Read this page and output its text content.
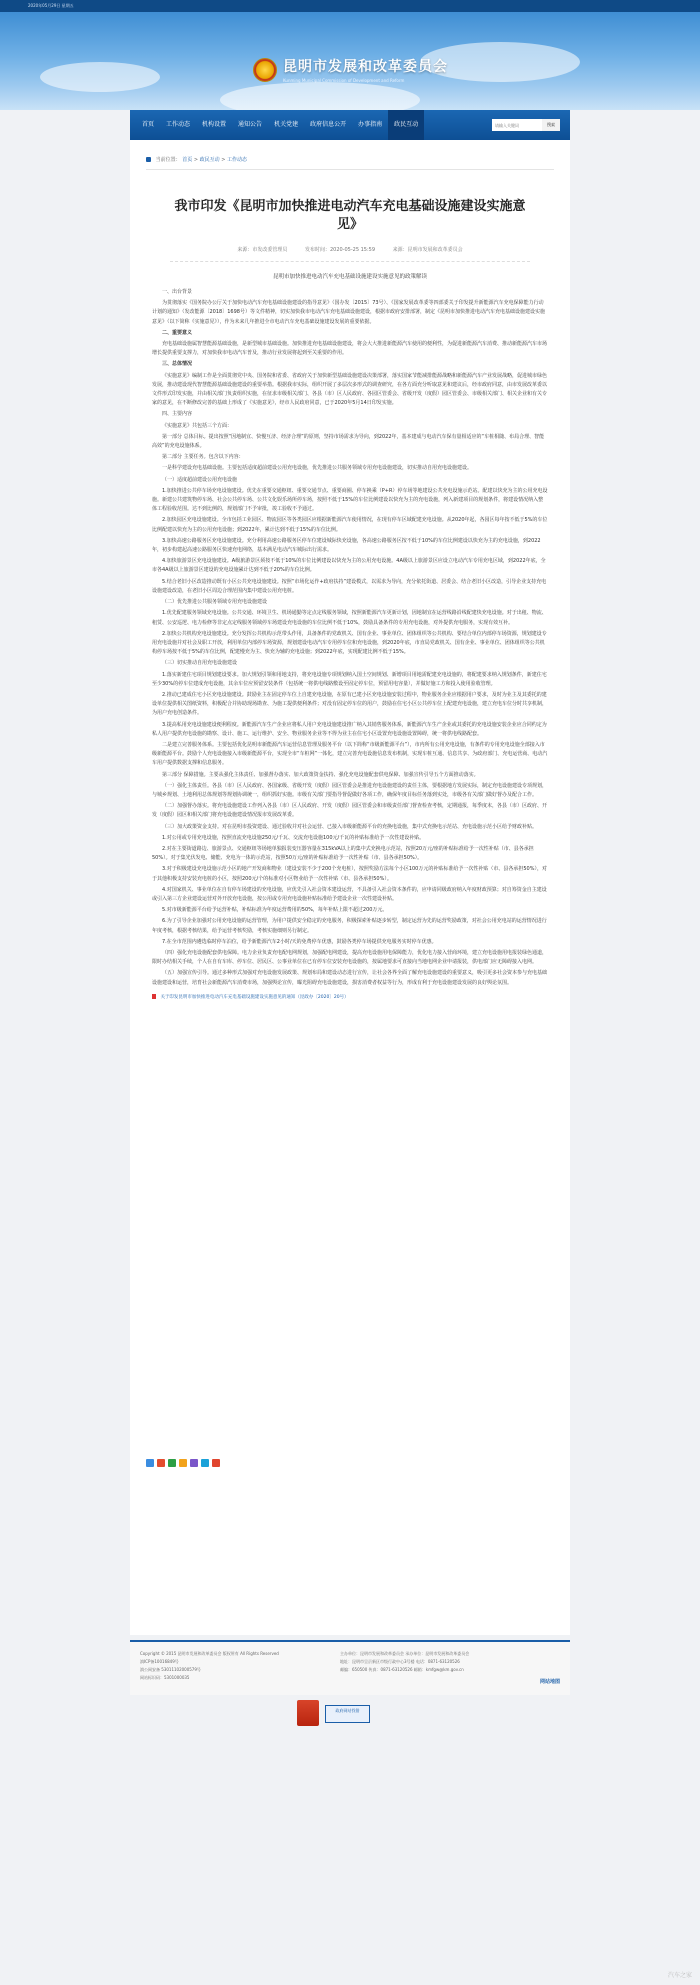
2020年05月29日 星期五
昆明市发展和改革委员会
Kunming Municipal Commission of Development and Reform
首页	工作动态	机构设置	通知公告	机关党建	政府信息公开	办事指南	政民互动
请输入关键词	搜索
当前位置： 首页 > 政民互动 > 工作动态
我市印发《昆明市加快推进电动汽车充电基础设施建设实施意见》
来源：市发改委管理员	发布时间：2020-05-25 15:59	来源：昆明市发展和改革委员会
昆明市加快推进电动汽车充电基础设施建设实施意见的政策解读

一、出台背景

为贯彻落实《国务院办公厅关于加快电动汽车充电基础设施建设的指导意见》（国办发〔2015〕73号）、《国家发展改革委等四部委关于印发提升新能源汽车充电保障能力行动计划的通知》（发改能源〔2018〕1698号）等文件精神，切实加快我市电动汽车充电基础设施建设，根据市政府安排部署，制定《昆明市加快推进电动汽车充电基础设施建设实施意见》（以下简称《实施意见》），作为未来几年推进全市电动汽车充电基础设施建设发展的重要依据。

二、重要意义

充电基础设施属智慧能源基础设施，是新型城市基础设施。加快推进充电基础设施建设，将会大大推进新能源汽车使用的便利性，为促进新能源汽车消费、推动新能源汽车市场增长提供重要支撑力，对加快我市电动汽车普及，推动行业发展将起到至关重要的作用。

三、总体情况

《实施意见》编制工作是全面贯彻党中央、国务院和省委、省政府关于加快新型基础设施建设决策部署，落实国家节能减排能源战略和新能源汽车产业发展战略，促进城市绿色发展，推动建设现代智慧能源基础设施建设的重要举措。根据我市实际，组织开展了多层次多形式的调查研究，在各方面充分听取意见和建议后，经市政府同意，由市发展改革委以文件形式印发实施，并由相关部门负责组织实施，在征求市级相关部门、各县（市）区人民政府、各园区管委会、省级开发（度假）园区管委会、市级相关部门、相关企业和有关专家的意见，在不断修改完善的基础上形成了《实施意见》，经市人民政府同意，已于2020年5月14日印发实施。

四、主要内容

《实施意见》共包括三个方面：

第一部分 总体目标。提出按照“因地制宜、快慢互济、经济合理”的原则，坚持市场需求为导向，到2022年，基本建成与电动汽车保有量相适应的“车桩相随、布局合理、智能高效”的充电设施体系。

第二部分 主要任务。包含以下内容：

一是科学建设充电基础设施。主要包括适度超前建设公用充电设施，优先推进公共服务领域专用充电设施建设，切实推动自用充电设施建设。

（一）适度超前建设公用充电设施

1.加快推进公共停车场充电设施建设。优先在重要交通枢纽、重要交通节点、重要商圈、停车换乘（P+R）停车场等地建设公共充电设施示范站。配建以快充为主的公用充电设施。新建公共建筑物停车场、社会公共停车场、公共文化娱乐场所停车场，按照不低于15%的车位比例建设以快充为主的充电设施，列入新建项目的规划条件，将建设情况纳入整体工程验收范围。达不到比例的，规划部门不予审批，竣工验收不予通过。

2.加快园区充电设施建设。全市包括工业园区、物流园区等各类园区应根据新能源汽车使用情况，在现有停车区域配建充电设施。从2020年起，各园区每年按不低于5%的车位比例配建以快充为主的公用充电设施；到2022年，累计达到不低于15%的车位比例。

3.加快高速公路服务区充电设施建设。充分利用高速公路服务区停车位建设城际快充设施，各高速公路服务区按不低于10%的车位比例建设以快充为主的充电设施，到2022年，初步构建起高速公路服务区快速充电网络，基本满足电动汽车城际出行需求。

4.加快旅游景区充电设施建设。A级旅游景区须按不低于10%的车位比例建设以快充为主的公用充电设施。4A级以上旅游景区应设立电动汽车专用充电区域，到2022年底，全市各4A级以上旅游景区建设的充电设施累计达到不低于20%的车位比例。

5.结合老旧小区改造推动既有小区公共充电设施建设。按照“市场化运作+政府扶持”建设模式，以需求为导向，充分依托街道、居委会、结合老旧小区改造，引导企业支持充电设施建设改造，在老旧小区周边合理范围内集中建设公用充电桩。

（二）优先推进公共服务领域专用充电设施建设

1.优先配建服务领域充电设施。公共交通、环境卫生、机场通勤等定点定线服务领域，按照新能源汽车更新计划，因地制宜在运营线路沿线配建快充电设施。对于出租、物流、租赁、公安巡逻、电力检修等非定点定线服务领域停车场建设充电设施的车位比例不低于10%，鼓励具备条件的专用充电设施，对外提供充电服务，实现有效互补。

2.加快公共机构充电设施建设。充分发挥公共机构示范带头作用，具备条件的党政机关、国有企业、事业单位、团体组织等公共机构、要结合单位内部停车场资源，规划建设专用充电设施并对社会及职工开放，利用单位内部停车场资源，规划建设电动汽车专用停车位和充电设施，到2020年底，市直局党政机关、国有企业、事业单位、团体组织等公共机构停车场按不低于5%的车位比例，配建慢充为主、快充为辅的充电设施；到2022年底，实现配建比例不低于15%。

（三）切实推动自用充电设施建设

1.落实新建住宅项目规划建设要求。加大规划引领和用地支持，将充电设施专项规划纳入国土空间规划、新增项目用地需配建充电设施的，将配建要求纳入规划条件，新建住宅至少30%的停车位建成充电设施，其余车位应预留安装条件（包括统一将供电线路敷设至固定停车位，预留用电容量），并做好施工方和投入使用验收管理。

2.推动已建成住宅小区充电设施建设。鼓励业主在固定停车位上自建充电设施，在原有已建小区充电设施安装过程中，物业服务企业应根据用户要求，及时为业主及其委托的建设单位提供相关图纸资料，积极配合并协助现场勘查、为施工提供便利条件；对没有固定停车位的用户，鼓励在住宅小区公共停车位上配建充电设施，建立充电车位分时共享机制，为用户充电创造条件。

3.提高私用充电设施建设便利程度。新能源汽车生产企业应将私人用户充电设施建设推广纳入其销售服务体系，新能源汽车生产企业或其委托的充电设施安装企业应合同约定为私人用户提供充电设施的勘察、设计、施工、运行维护、安全、物业服务企业等不得为业主在住宅小区设置充电设施设置障碍，统一将供电线路配套。

二是建立完善服务体系。主要包括优化昆明市新能源汽车运营信息管理及服务平台（以下简称“市级新能源平台”），市内所有公用充电设施，有条件的专用充电设施全部接入市级新能源平台。鼓励个人充电设施接入市级新能源平台，实现全市“车桩网”一体化，建立完善充电设施信息发布机制，实现车桩互通、信息共享、为政府部门、充电运营商、电动汽车用户提供数据支撑和信息服务。

第三部分 保障措施。主要从强化主体责任、加强督办落实、加大政策资金扶持、强化充电设施配套供电保障、加强宣传引导五个方面推动落实。

（一）强化主体责任。各县（市）区人民政府、各国家级、省级开发（度假）园区管委会是推进充电设施建设的责任主体，要根据地方发展实际，制定充电设施建设专项规划，与城乡规划、土地利用总体规划等规划协调统一，组织抓好实施。市级有关部门要指导督促做好各项工作，确保年度目标任务落到实处，市级各有关部门做好督办及配合工作。

（二）加强督办落实。将充电设施建设工作列入各县（市）区人民政府、开发（度假）园区管委会和市级责任部门督查检查考核，定期通报，每季度末，各县（市）区政府、开发（度假）园区和相关部门将充电设施建设情况报市发展改革委。

（三）加大政策资金支持。对在昆明市投资建设、通过验收并对社会运营、已接入市级新能源平台的充换电设施，集中式充换电示范站、充电设施示范小区给予财政补贴。

1.对公用或专用充电设施，按照直流充电设施250元/千瓦、交流充电设施100元/千瓦的补贴标准给予一次性建设补贴。

2.对在主要街道路边、旅游景点、交通枢纽等场地单独报装变压器容量在315kVA以上的集中式充换电示范站，按照20万元/座的补贴标准给予一次性补贴（市、县各承担50%）。对于集光伏发电、储能、充电为一体的示范站，按照50万元/座的补贴标准给予一次性补贴（市、县各承担50%）。

3.对于积极建设充电设施示范小区的地产开发商和物业（建设安装不少于200个充电桩），按照奖励方法每个小区100万元的补贴标准给予一次性补贴（市、县各承担50%），对于其他积极支持安装充电桩的小区，按照200元/个的标准对小区物业给予一次性补贴（市、县各承担50%）。

4.对国家机关、事业单位在自有停车场建设的充电设施，应优先引入社会资本建设运营，不具备引入社会资本条件的，应申请同级政府纳入年度财政预算；对自筹资金自主建设或引入第三方企业建设运营对外开放充电设施，按公用或专用充电设施补贴标准给予建设企业一次性建设补贴。

5.对市级新能源平台给予运营补贴，补贴标准为年度运营费用的50%，每年补贴上限不超过200万元。

6.为了引导企业加强对公用充电设施的运营管理，为用户提供安全稳定的充电服务，积极探索补贴逐步转型，制定运营为先的运营奖励政策，对社会公用充电站的运营情况进行年度考核，根据考核结果，给予运营考核奖励，考核实施细则另行制定。

7.在全市范围内遴选临时停车泊位，给予新能源汽车2小时/天的免费停车优惠，鼓励各类停车场提供充电服务实时停车优惠。

（四）强化充电设施配套供电保障。电力企业负责充电配电网规划，加强配电网建设，提高充电设施用电保障能力，优化电力接入营商环境，建立充电设施用电报装绿色通道，限时办结相关手续，个人在自有车库、停车位、居民区、公事业单位在已有停车位安装充电设施的，按属地要求可直接向当地电网企业申请报装，供电部门应无障碍接入电网。

（五）加强宣传引导。通过多种形式加强对充电设施发展政策、规划布局和建设动态进行宣传，让社会各界全面了解充电设施建设的重要意义，吸引更多社会资本参与充电基础设施建设和运营，培育社会新能源汽车消费市场，加强舆论宣传，曝光阻碍充电设施建设，损害消费者权益等行为，形成有利于充电设施建设发展的良好舆论氛围。

关于印发昆明市加快推进电动汽车充电基础设施建设实施意见的通知（昆政办〔2020〕20号）
Copyright © 2015 昆明市发展和改革委员会 版权所有 All Rights Reserved
滇ICP备10016849号
滇公网安备 53011102000579号
网站标识码：5301000035
主办单位：昆明市发展和改革委员会 承办单位：昆明市发展和改革委员会
地址：昆明市呈贡新区市级行政中心3号楼 电话：0871-63120526
邮编：650500 传真：0871-63120526 邮箱：kmfgw@km.gov.cn
网站地图
政府网站找错
汽车之家
